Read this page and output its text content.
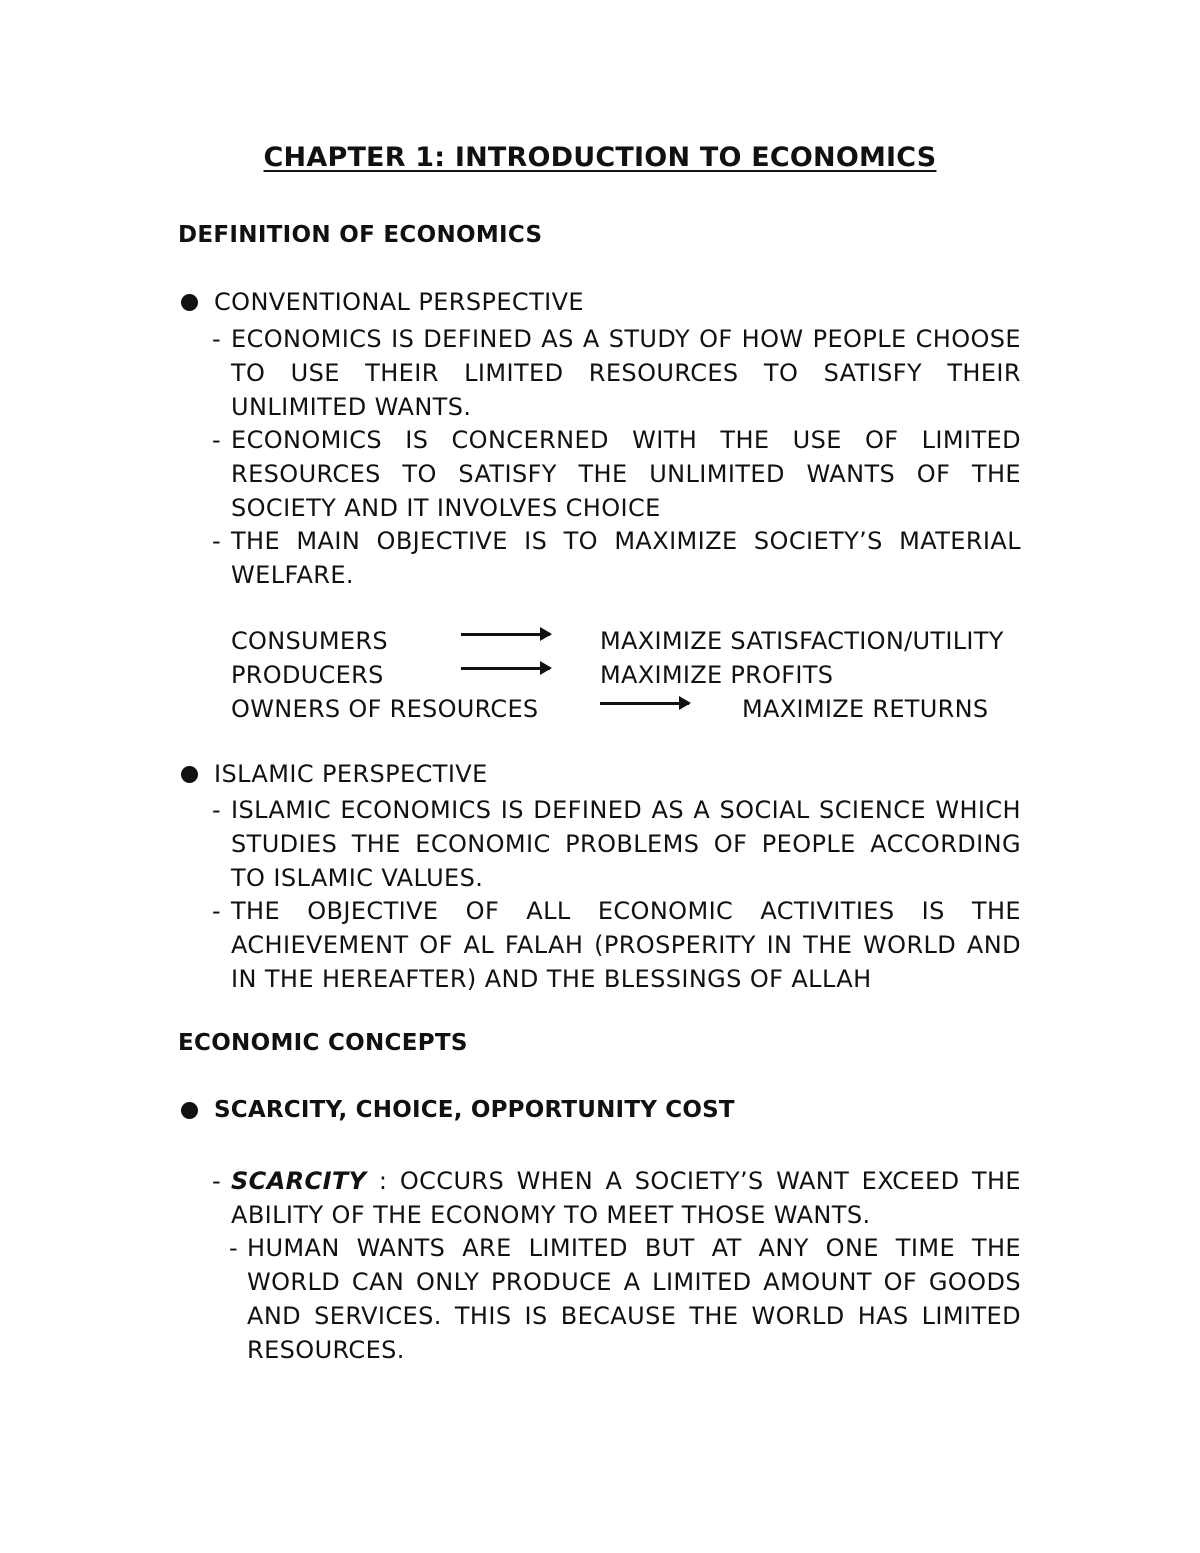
CHAPTER 1: INTRODUCTION TO ECONOMICS
DEFINITION OF ECONOMICS
CONVENTIONAL PERSPECTIVE
- ECONOMICS IS DEFINED AS A STUDY OF HOW PEOPLE CHOOSE TO USE THEIR LIMITED RESOURCES TO SATISFY THEIR UNLIMITED WANTS.
- ECONOMICS IS CONCERNED WITH THE USE OF LIMITED RESOURCES TO SATISFY THE UNLIMITED WANTS OF THE SOCIETY AND IT INVOLVES CHOICE
- THE MAIN OBJECTIVE IS TO MAXIMIZE SOCIETY’S MATERIAL WELFARE.
CONSUMERS	MAXIMIZE SATISFACTION/UTILITY
PRODUCERS	MAXIMIZE PROFITS
OWNERS OF RESOURCES	MAXIMIZE RETURNS
ISLAMIC PERSPECTIVE
- ISLAMIC ECONOMICS IS DEFINED AS A SOCIAL SCIENCE WHICH STUDIES THE ECONOMIC PROBLEMS OF PEOPLE ACCORDING TO ISLAMIC VALUES.
- THE OBJECTIVE OF ALL ECONOMIC ACTIVITIES IS THE ACHIEVEMENT OF AL FALAH (PROSPERITY IN THE WORLD AND IN THE HEREAFTER) AND THE BLESSINGS OF ALLAH
ECONOMIC CONCEPTS
SCARCITY, CHOICE, OPPORTUNITY COST
- SCARCITY : OCCURS WHEN A SOCIETY’S WANT EXCEED THE ABILITY OF THE ECONOMY TO MEET THOSE WANTS.
- HUMAN WANTS ARE LIMITED BUT AT ANY ONE TIME THE WORLD CAN ONLY PRODUCE A LIMITED AMOUNT OF GOODS AND SERVICES. THIS IS BECAUSE THE WORLD HAS LIMITED RESOURCES.
